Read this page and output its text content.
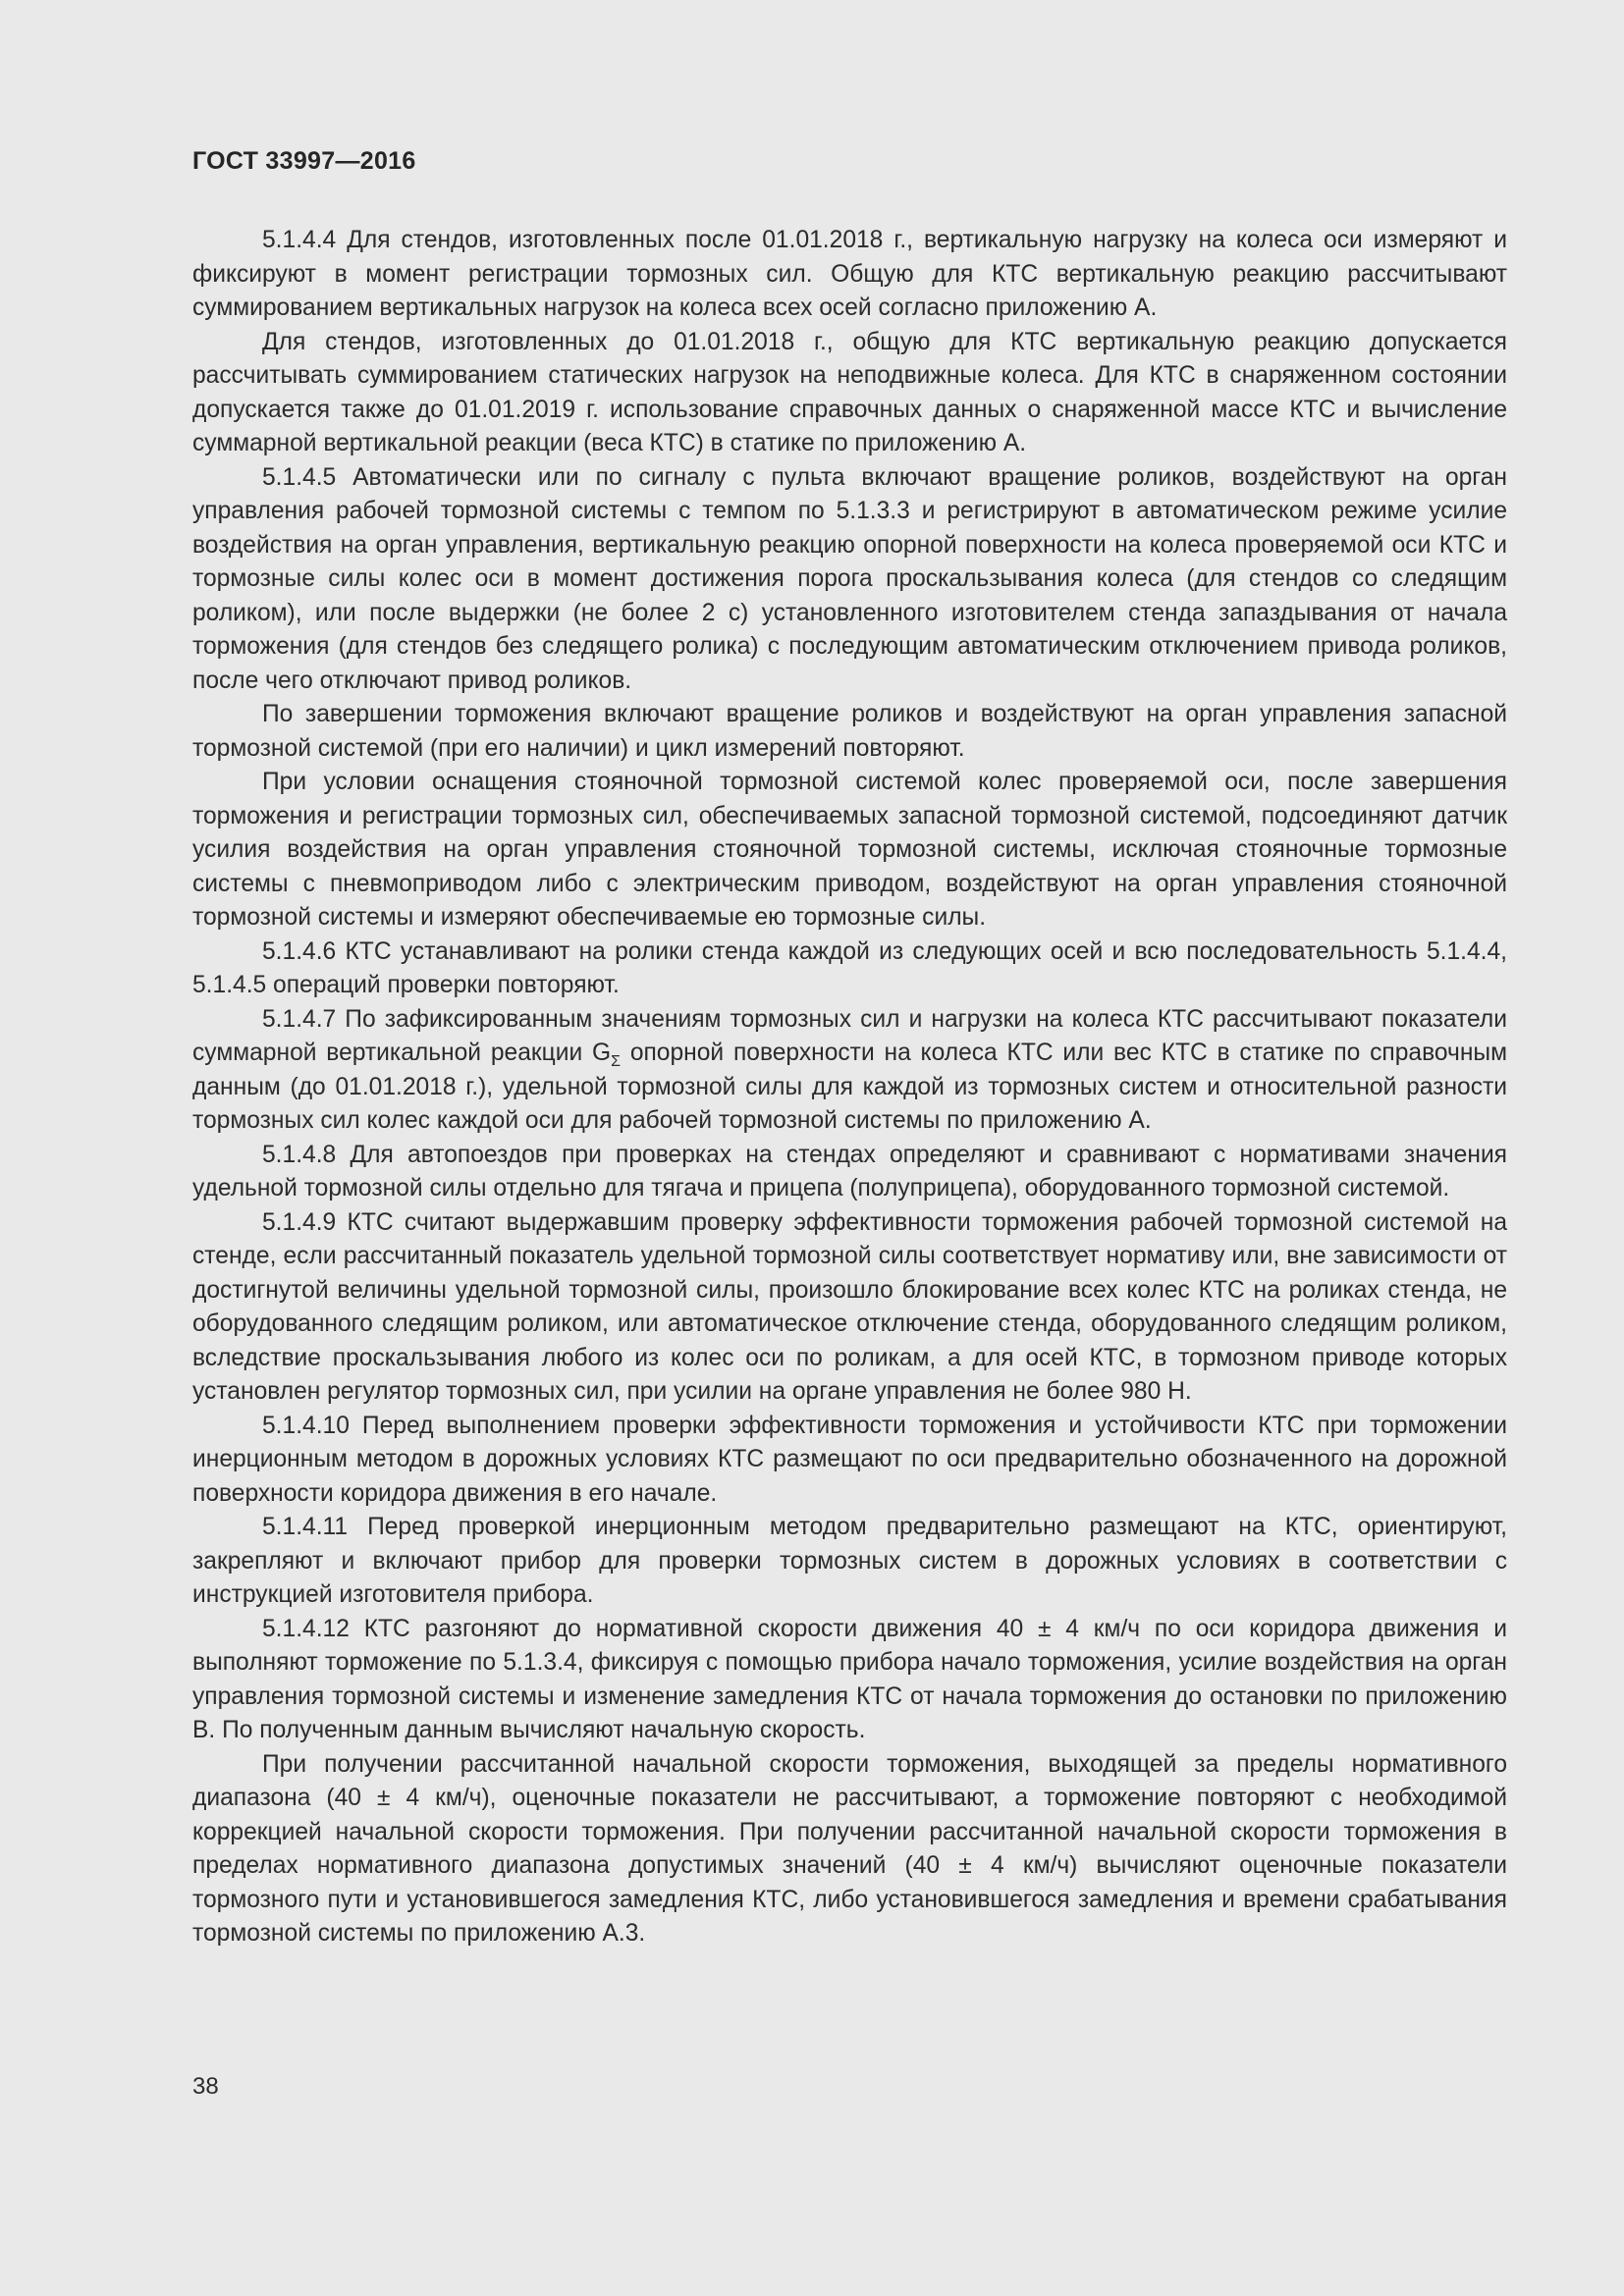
ГОСТ 33997—2016

5.1.4.4 Для стендов, изготовленных после 01.01.2018 г., вертикальную нагрузку на колеса оси измеряют и фиксируют в момент регистрации тормозных сил. Общую для КТС вертикальную реакцию рассчитывают суммированием вертикальных нагрузок на колеса всех осей согласно приложению А.

Для стендов, изготовленных до 01.01.2018 г., общую для КТС вертикальную реакцию допускается рассчитывать суммированием статических нагрузок на неподвижные колеса. Для КТС в снаряженном состоянии допускается также до 01.01.2019 г. использование справочных данных о снаряженной массе КТС и вычисление суммарной вертикальной реакции (веса КТС) в статике по приложению А.

5.1.4.5 Автоматически или по сигналу с пульта включают вращение роликов, воздействуют на орган управления рабочей тормозной системы с темпом по 5.1.3.3 и регистрируют в автоматическом режиме усилие воздействия на орган управления, вертикальную реакцию опорной поверхности на колеса проверяемой оси КТС и тормозные силы колес оси в момент достижения порога проскальзывания колеса (для стендов со следящим роликом), или после выдержки (не более 2 с) установленного изготовителем стенда запаздывания от начала торможения (для стендов без следящего ролика) с последующим автоматическим отключением привода роликов, после чего отключают привод роликов.

По завершении торможения включают вращение роликов и воздействуют на орган управления запасной тормозной системой (при его наличии) и цикл измерений повторяют.

При условии оснащения стояночной тормозной системой колес проверяемой оси, после завершения торможения и регистрации тормозных сил, обеспечиваемых запасной тормозной системой, подсоединяют датчик усилия воздействия на орган управления стояночной тормозной системы, исключая стояночные тормозные системы с пневмоприводом либо с электрическим приводом, воздействуют на орган управления стояночной тормозной системы и измеряют обеспечиваемые ею тормозные силы.

5.1.4.6 КТС устанавливают на ролики стенда каждой из следующих осей и всю последовательность 5.1.4.4, 5.1.4.5 операций проверки повторяют.

5.1.4.7 По зафиксированным значениям тормозных сил и нагрузки на колеса КТС рассчитывают показатели суммарной вертикальной реакции $G_\Sigma$ опорной поверхности на колеса КТС или вес КТС в статике по справочным данным (до 01.01.2018 г.), удельной тормозной силы для каждой из тормозных систем и относительной разности тормозных сил колес каждой оси для рабочей тормозной системы по приложению А.

5.1.4.8 Для автопоездов при проверках на стендах определяют и сравнивают с нормативами значения удельной тормозной силы отдельно для тягача и прицепа (полуприцепа), оборудованного тормозной системой.

5.1.4.9 КТС считают выдержавшим проверку эффективности торможения рабочей тормозной системой на стенде, если рассчитанный показатель удельной тормозной силы соответствует нормативу или, вне зависимости от достигнутой величины удельной тормозной силы, произошло блокирование всех колес КТС на роликах стенда, не оборудованного следящим роликом, или автоматическое отключение стенда, оборудованного следящим роликом, вследствие проскальзывания любого из колес оси по роликам, а для осей КТС, в тормозном приводе которых установлен регулятор тормозных сил, при усилии на органе управления не более 980 Н.

5.1.4.10 Перед выполнением проверки эффективности торможения и устойчивости КТС при торможении инерционным методом в дорожных условиях КТС размещают по оси предварительно обозначенного на дорожной поверхности коридора движения в его начале.

5.1.4.11 Перед проверкой инерционным методом предварительно размещают на КТС, ориентируют, закрепляют и включают прибор для проверки тормозных систем в дорожных условиях в соответствии с инструкцией изготовителя прибора.

5.1.4.12 КТС разгоняют до нормативной скорости движения 40 ± 4 км/ч по оси коридора движения и выполняют торможение по 5.1.3.4, фиксируя с помощью прибора начало торможения, усилие воздействия на орган управления тормозной системы и изменение замедления КТС от начала торможения до остановки по приложению В. По полученным данным вычисляют начальную скорость.

При получении рассчитанной начальной скорости торможения, выходящей за пределы нормативного диапазона (40 ± 4 км/ч), оценочные показатели не рассчитывают, а торможение повторяют с необходимой коррекцией начальной скорости торможения. При получении рассчитанной начальной скорости торможения в пределах нормативного диапазона допустимых значений (40 ± 4 км/ч) вычисляют оценочные показатели тормозного пути и установившегося замедления КТС, либо установившегося замедления и времени срабатывания тормозной системы по приложению А.3.

38
